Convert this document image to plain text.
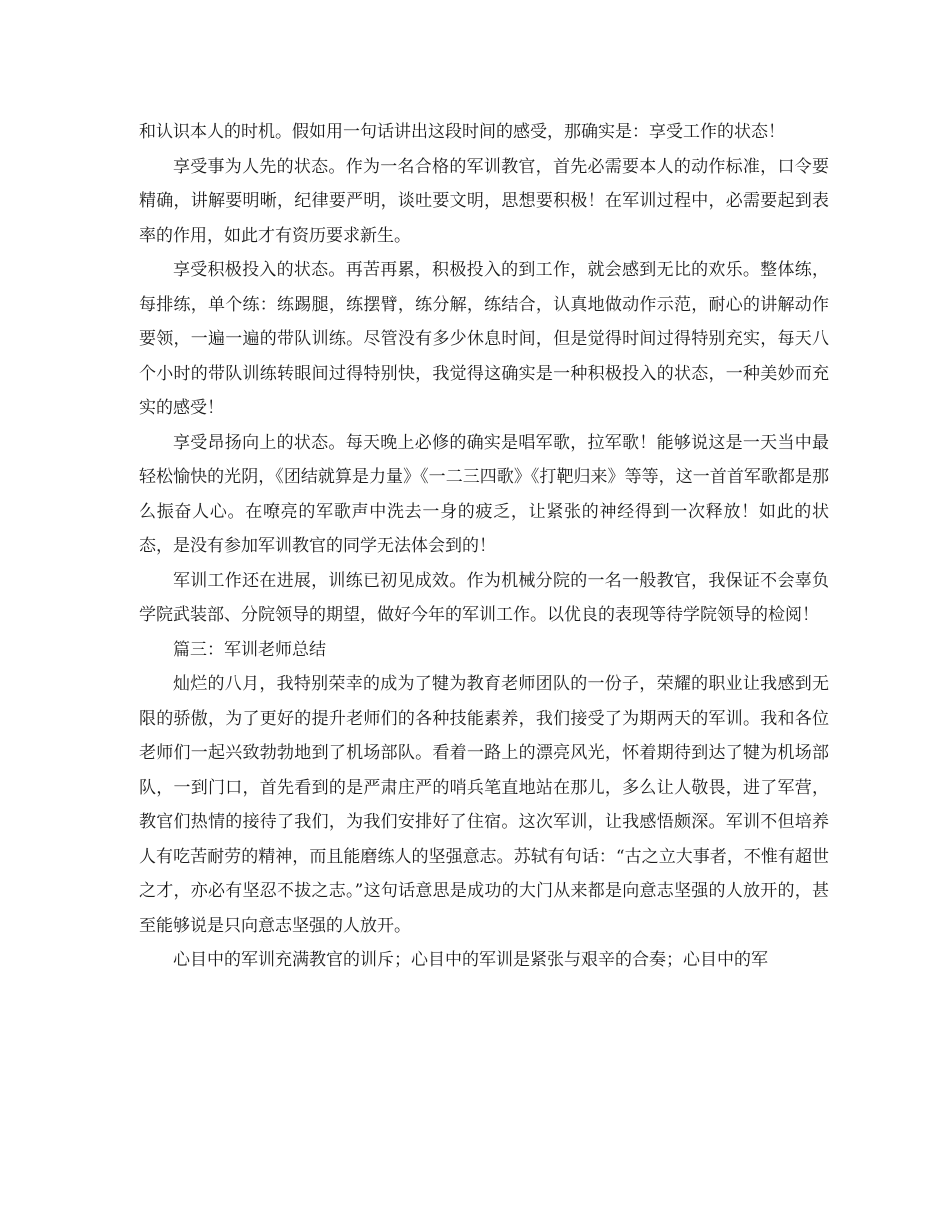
和认识本人的时机。假如用一句话讲出这段时间的感受，那确实是：享受工作的状态！

享受事为人先的状态。作为一名合格的军训教官，首先必需要本人的动作标准，口令要精确，讲解要明晰，纪律要严明，谈吐要文明，思想要积极！在军训过程中，必需要起到表率的作用，如此才有资历要求新生。

享受积极投入的状态。再苦再累，积极投入的到工作，就会感到无比的欢乐。整体练，每排练，单个练：练踢腿，练摆臂，练分解，练结合，认真地做动作示范，耐心的讲解动作要领，一遍一遍的带队训练。尽管没有多少休息时间，但是觉得时间过得特别充实，每天八个小时的带队训练转眼间过得特别快，我觉得这确实是一种积极投入的状态，一种美妙而充实的感受！

享受昂扬向上的状态。每天晚上必修的确实是唱军歌，拉军歌！能够说这是一天当中最轻松愉快的光阴，《团结就算是力量》《一二三四歌》《打靶归来》等等，这一首首军歌都是那么振奋人心。在嘹亮的军歌声中洗去一身的疲乏，让紧张的神经得到一次释放！如此的状态，是没有参加军训教官的同学无法体会到的！

军训工作还在进展，训练已初见成效。作为机械分院的一名一般教官，我保证不会辜负学院武装部、分院领导的期望，做好今年的军训工作。以优良的表现等待学院领导的检阅！

篇三：军训老师总结

灿烂的八月，我特别荣幸的成为了犍为教育老师团队的一份子，荣耀的职业让我感到无限的骄傲，为了更好的提升老师们的各种技能素养，我们接受了为期两天的军训。我和各位老师们一起兴致勃勃地到了机场部队。看着一路上的漂亮风光，怀着期待到达了犍为机场部队，一到门口，首先看到的是严肃庄严的哨兵笔直地站在那儿，多么让人敬畏，进了军营，教官们热情的接待了我们，为我们安排好了住宿。这次军训，让我感悟颇深。军训不但培养人有吃苦耐劳的精神，而且能磨练人的坚强意志。苏轼有句话：“古之立大事者，不惟有超世之才，亦必有坚忍不拔之志。”这句话意思是成功的大门从来都是向意志坚强的人放开的，甚至能够说是只向意志坚强的人放开。

心目中的军训充满教官的训斥；心目中的军训是紧张与艰辛的合奏；心目中的军
